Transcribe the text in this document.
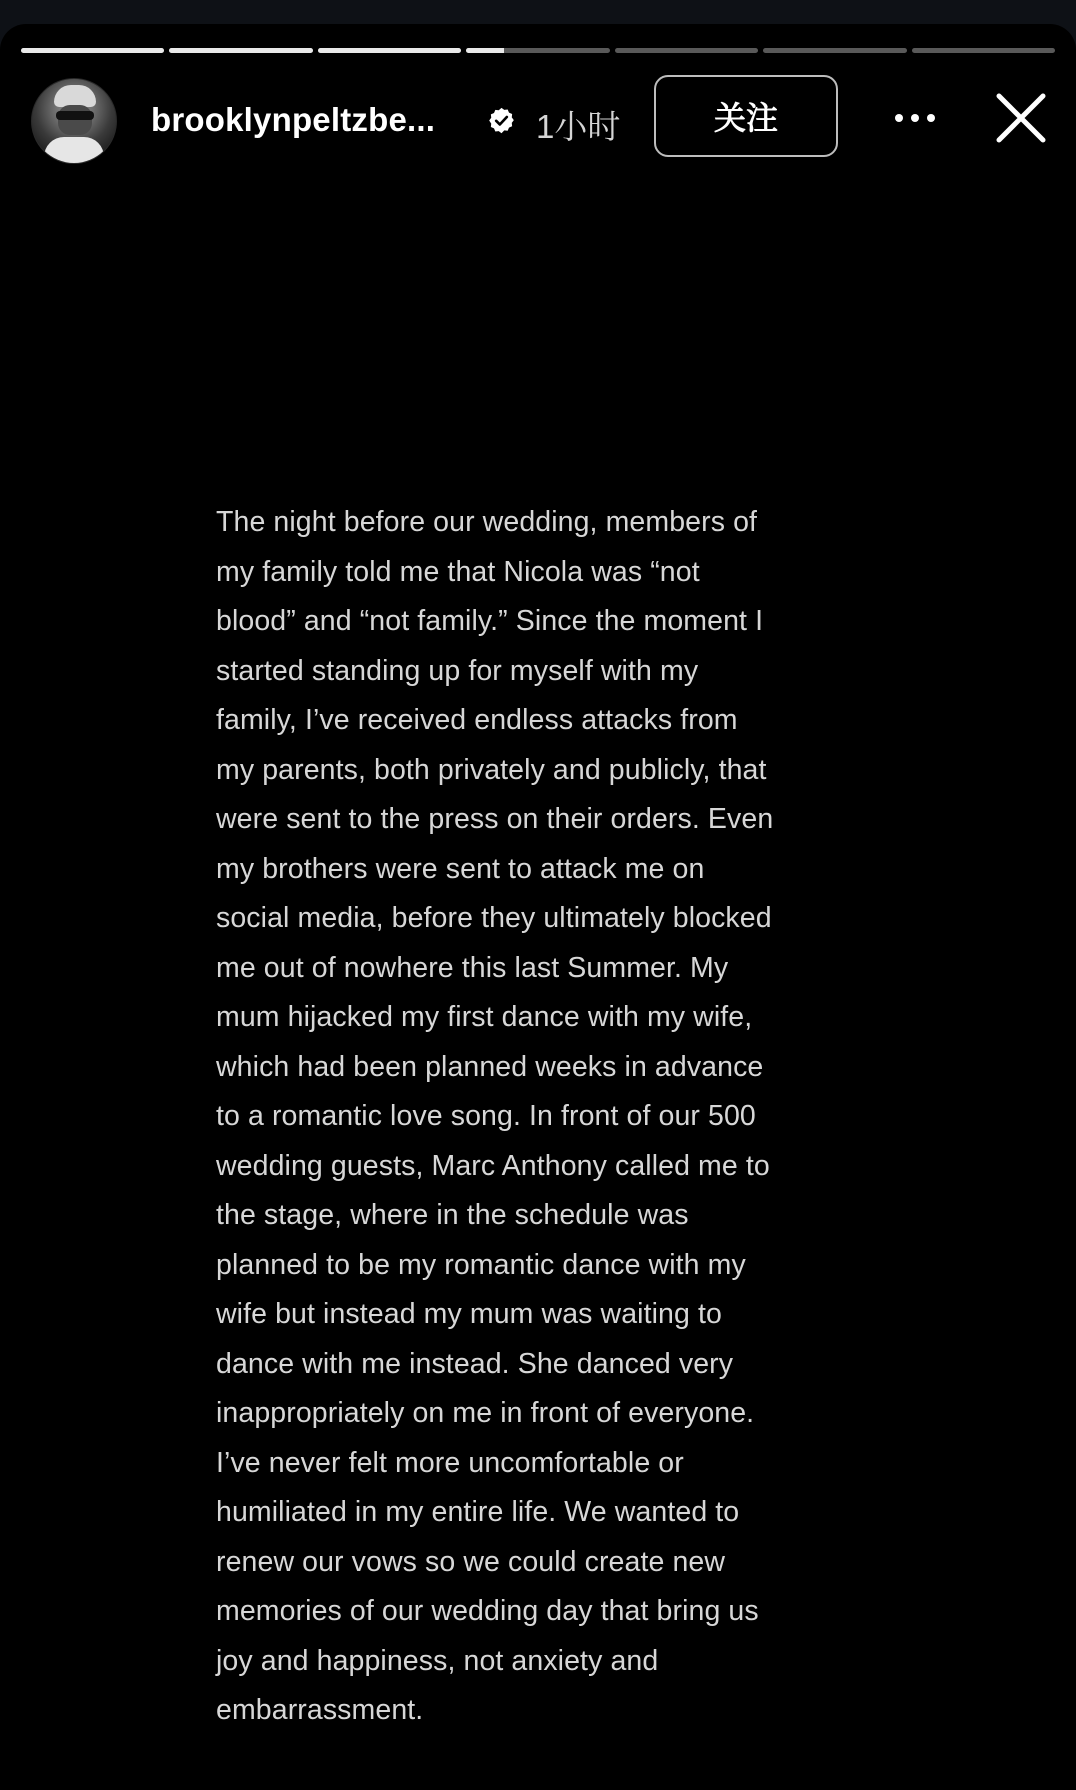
brooklynpeltzbe...	1小时	关注
The night before our wedding, members of
my family told me that Nicola was “not
blood” and “not family.” Since the moment I
started standing up for myself with my
family, I’ve received endless attacks from
my parents, both privately and publicly, that
were sent to the press on their orders. Even
my brothers were sent to attack me on
social media, before they ultimately blocked
me out of nowhere this last Summer. My
mum hijacked my first dance with my wife,
which had been planned weeks in advance
to a romantic love song. In front of our 500
wedding guests, Marc Anthony called me to
the stage, where in the schedule was
planned to be my romantic dance with my
wife but instead my mum was waiting to
dance with me instead. She danced very
inappropriately on me in front of everyone.
I’ve never felt more uncomfortable or
humiliated in my entire life. We wanted to
renew our vows so we could create new
memories of our wedding day that bring us
joy and happiness, not anxiety and
embarrassment.
